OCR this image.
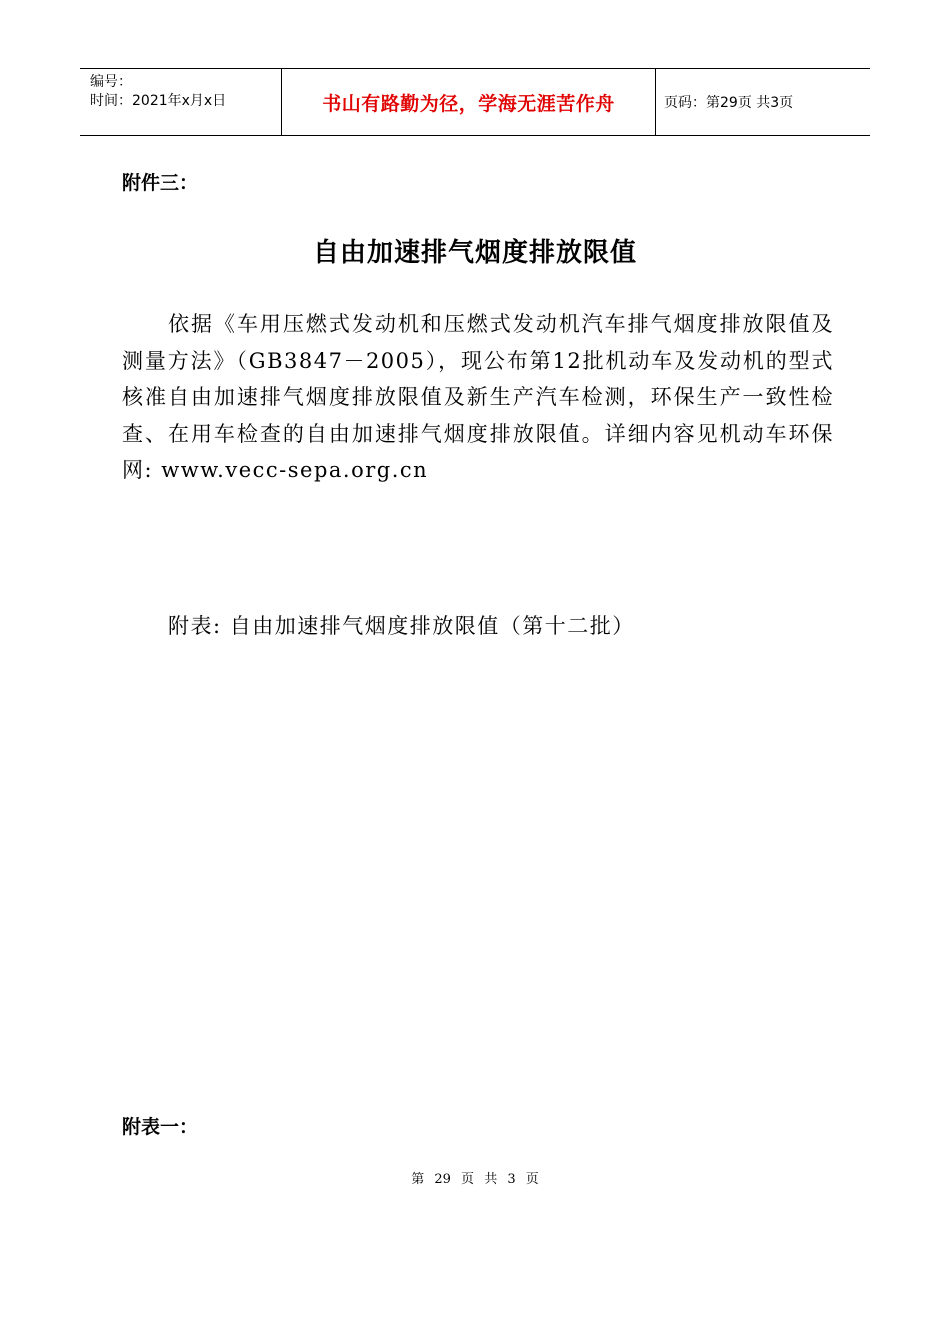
编号：
时间：2021年x月x日	书山有路勤为径，学海无涯苦作舟	页码：第29页 共3页
附件三：
自由加速排气烟度排放限值
依据《车用压燃式发动机和压燃式发动机汽车排气烟度排放限值及测量方法》（GB3847－2005），现公布第12批机动车及发动机的型式核准自由加速排气烟度排放限值及新生产汽车检测，环保生产一致性检查、在用车检查的自由加速排气烟度排放限值。详细内容见机动车环保网: www.vecc-sepa.org.cn
附表: 自由加速排气烟度排放限值（第十二批）
附表一：
第 29 页 共 3 页
